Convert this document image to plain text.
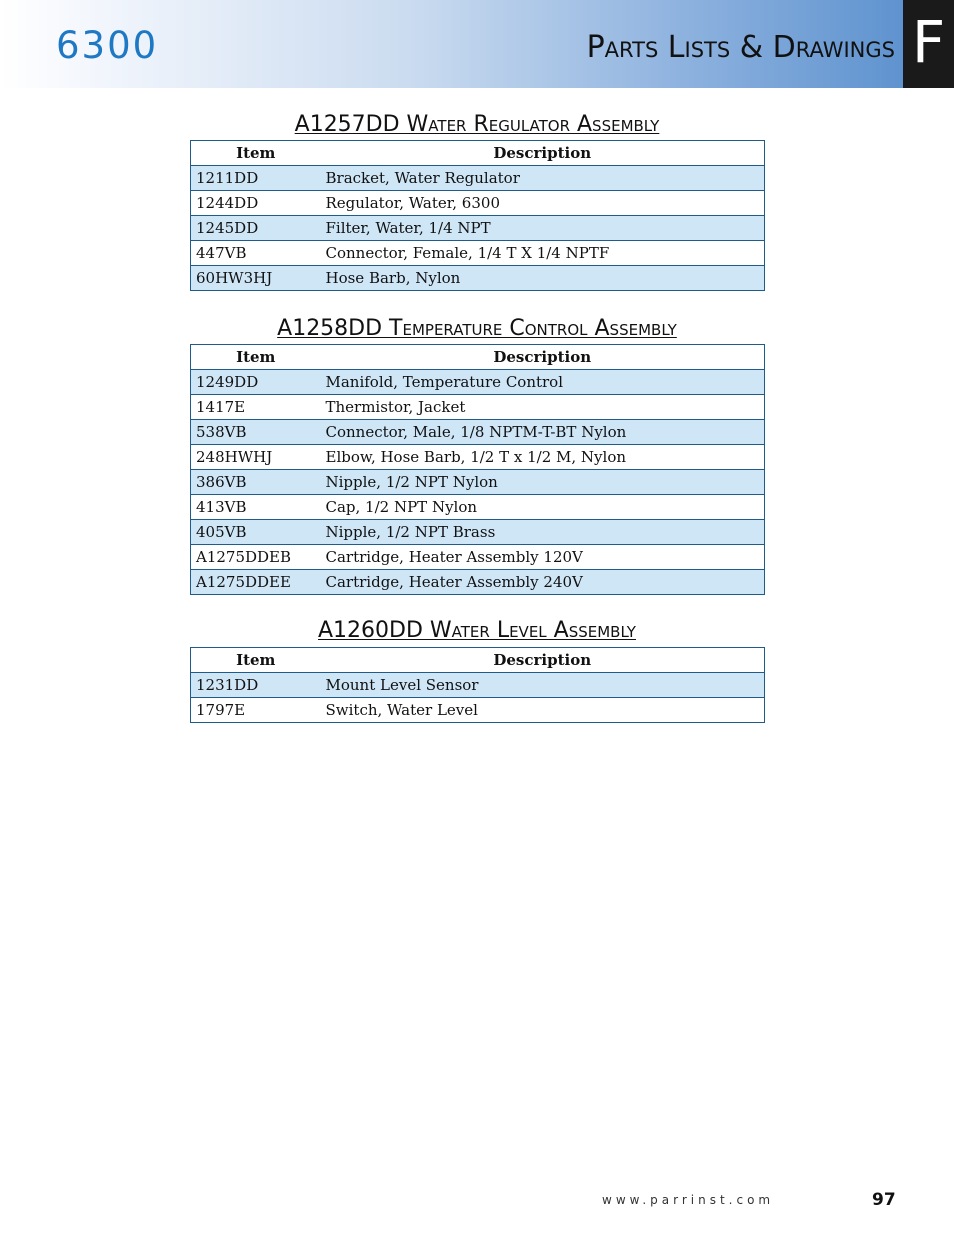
6300	Parts Lists & Drawings F
A1257DD Water Regulator Assembly
Item	Description
1211DD	Bracket, Water Regulator
1244DD	Regulator, Water, 6300
1245DD	Filter, Water, 1/4 NPT
447VB	Connector, Female, 1/4 T X 1/4 NPTF
60HW3HJ	Hose Barb, Nylon
A1258DD Temperature Control Assembly
Item	Description
1249DD	Manifold, Temperature Control
1417E	Thermistor, Jacket
538VB	Connector, Male, 1/8 NPTM-T-BT Nylon
248HWHJ	Elbow, Hose Barb, 1/2 T x 1/2 M, Nylon
386VB	Nipple, 1/2 NPT Nylon
413VB	Cap, 1/2 NPT Nylon
405VB	Nipple, 1/2 NPT Brass
A1275DDEB	Cartridge, Heater Assembly 120V
A1275DDEE	Cartridge, Heater Assembly 240V
A1260DD Water Level Assembly
Item	Description
1231DD	Mount Level Sensor
1797E	Switch, Water Level
www.parrinst.com	97
